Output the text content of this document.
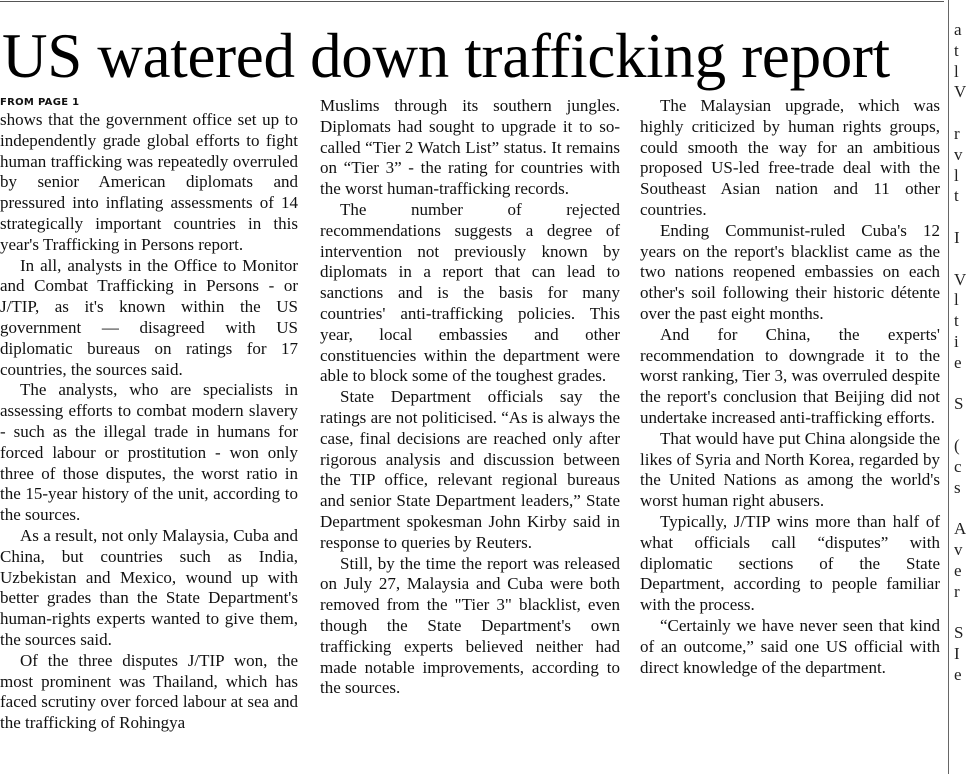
US watered down trafficking report
FROM PAGE 1

shows that the government office set up to independently grade global efforts to fight human trafficking was repeatedly overruled by senior American diplomats and pressured into inflating assessments of 14 strategically important countries in this year's Trafficking in Persons report.

In all, analysts in the Office to Monitor and Combat Trafficking in Persons - or J/TIP, as it's known within the US government — disagreed with US diplomatic bureaus on ratings for 17 countries, the sources said.

The analysts, who are specialists in assessing efforts to combat modern slavery - such as the illegal trade in humans for forced labour or prostitution - won only three of those disputes, the worst ratio in the 15-year history of the unit, according to the sources.

As a result, not only Malaysia, Cuba and China, but countries such as India, Uzbekistan and Mexico, wound up with better grades than the State Department's human-rights experts wanted to give them, the sources said.

Of the three disputes J/TIP won, the most prominent was Thailand, which has faced scrutiny over forced labour at sea and the trafficking of Rohingya

Muslims through its southern jungles. Diplomats had sought to upgrade it to so-called “Tier 2 Watch List” status. It remains on “Tier 3” - the rating for countries with the worst human-trafficking records.

The number of rejected recommendations suggests a degree of intervention not previously known by diplomats in a report that can lead to sanctions and is the basis for many countries' anti-trafficking policies. This year, local embassies and other constituencies within the department were able to block some of the toughest grades.

State Department officials say the ratings are not politicised. “As is always the case, final decisions are reached only after rigorous analysis and discussion between the TIP office, relevant regional bureaus and senior State Department leaders,” State Department spokesman John Kirby said in response to queries by Reuters.

Still, by the time the report was released on July 27, Malaysia and Cuba were both removed from the "Tier 3" blacklist, even though the State Department's own trafficking experts believed neither had made notable improvements, according to the sources.

The Malaysian upgrade, which was highly criticized by human rights groups, could smooth the way for an ambitious proposed US-led free-trade deal with the Southeast Asian nation and 11 other countries.

Ending Communist-ruled Cuba's 12 years on the report's blacklist came as the two nations reopened embassies on each other's soil following their historic détente over the past eight months.

And for China, the experts' recommendation to downgrade it to the worst ranking, Tier 3, was overruled despite the report's conclusion that Beijing did not undertake increased anti-trafficking efforts.

That would have put China alongside the likes of Syria and North Korea, regarded by the United Nations as among the world's worst human right abusers.

Typically, J/TIP wins more than half of what officials call “disputes” with diplomatic sections of the State Department, according to people familiar with the process.

“Certainly we have never seen that kind of an outcome,” said one US official with direct knowledge of the department.

a
t
l
V
r
v
l
t
I
V
l
t
i
e
S
(
c
s
A
v
e
r
S
I
e
